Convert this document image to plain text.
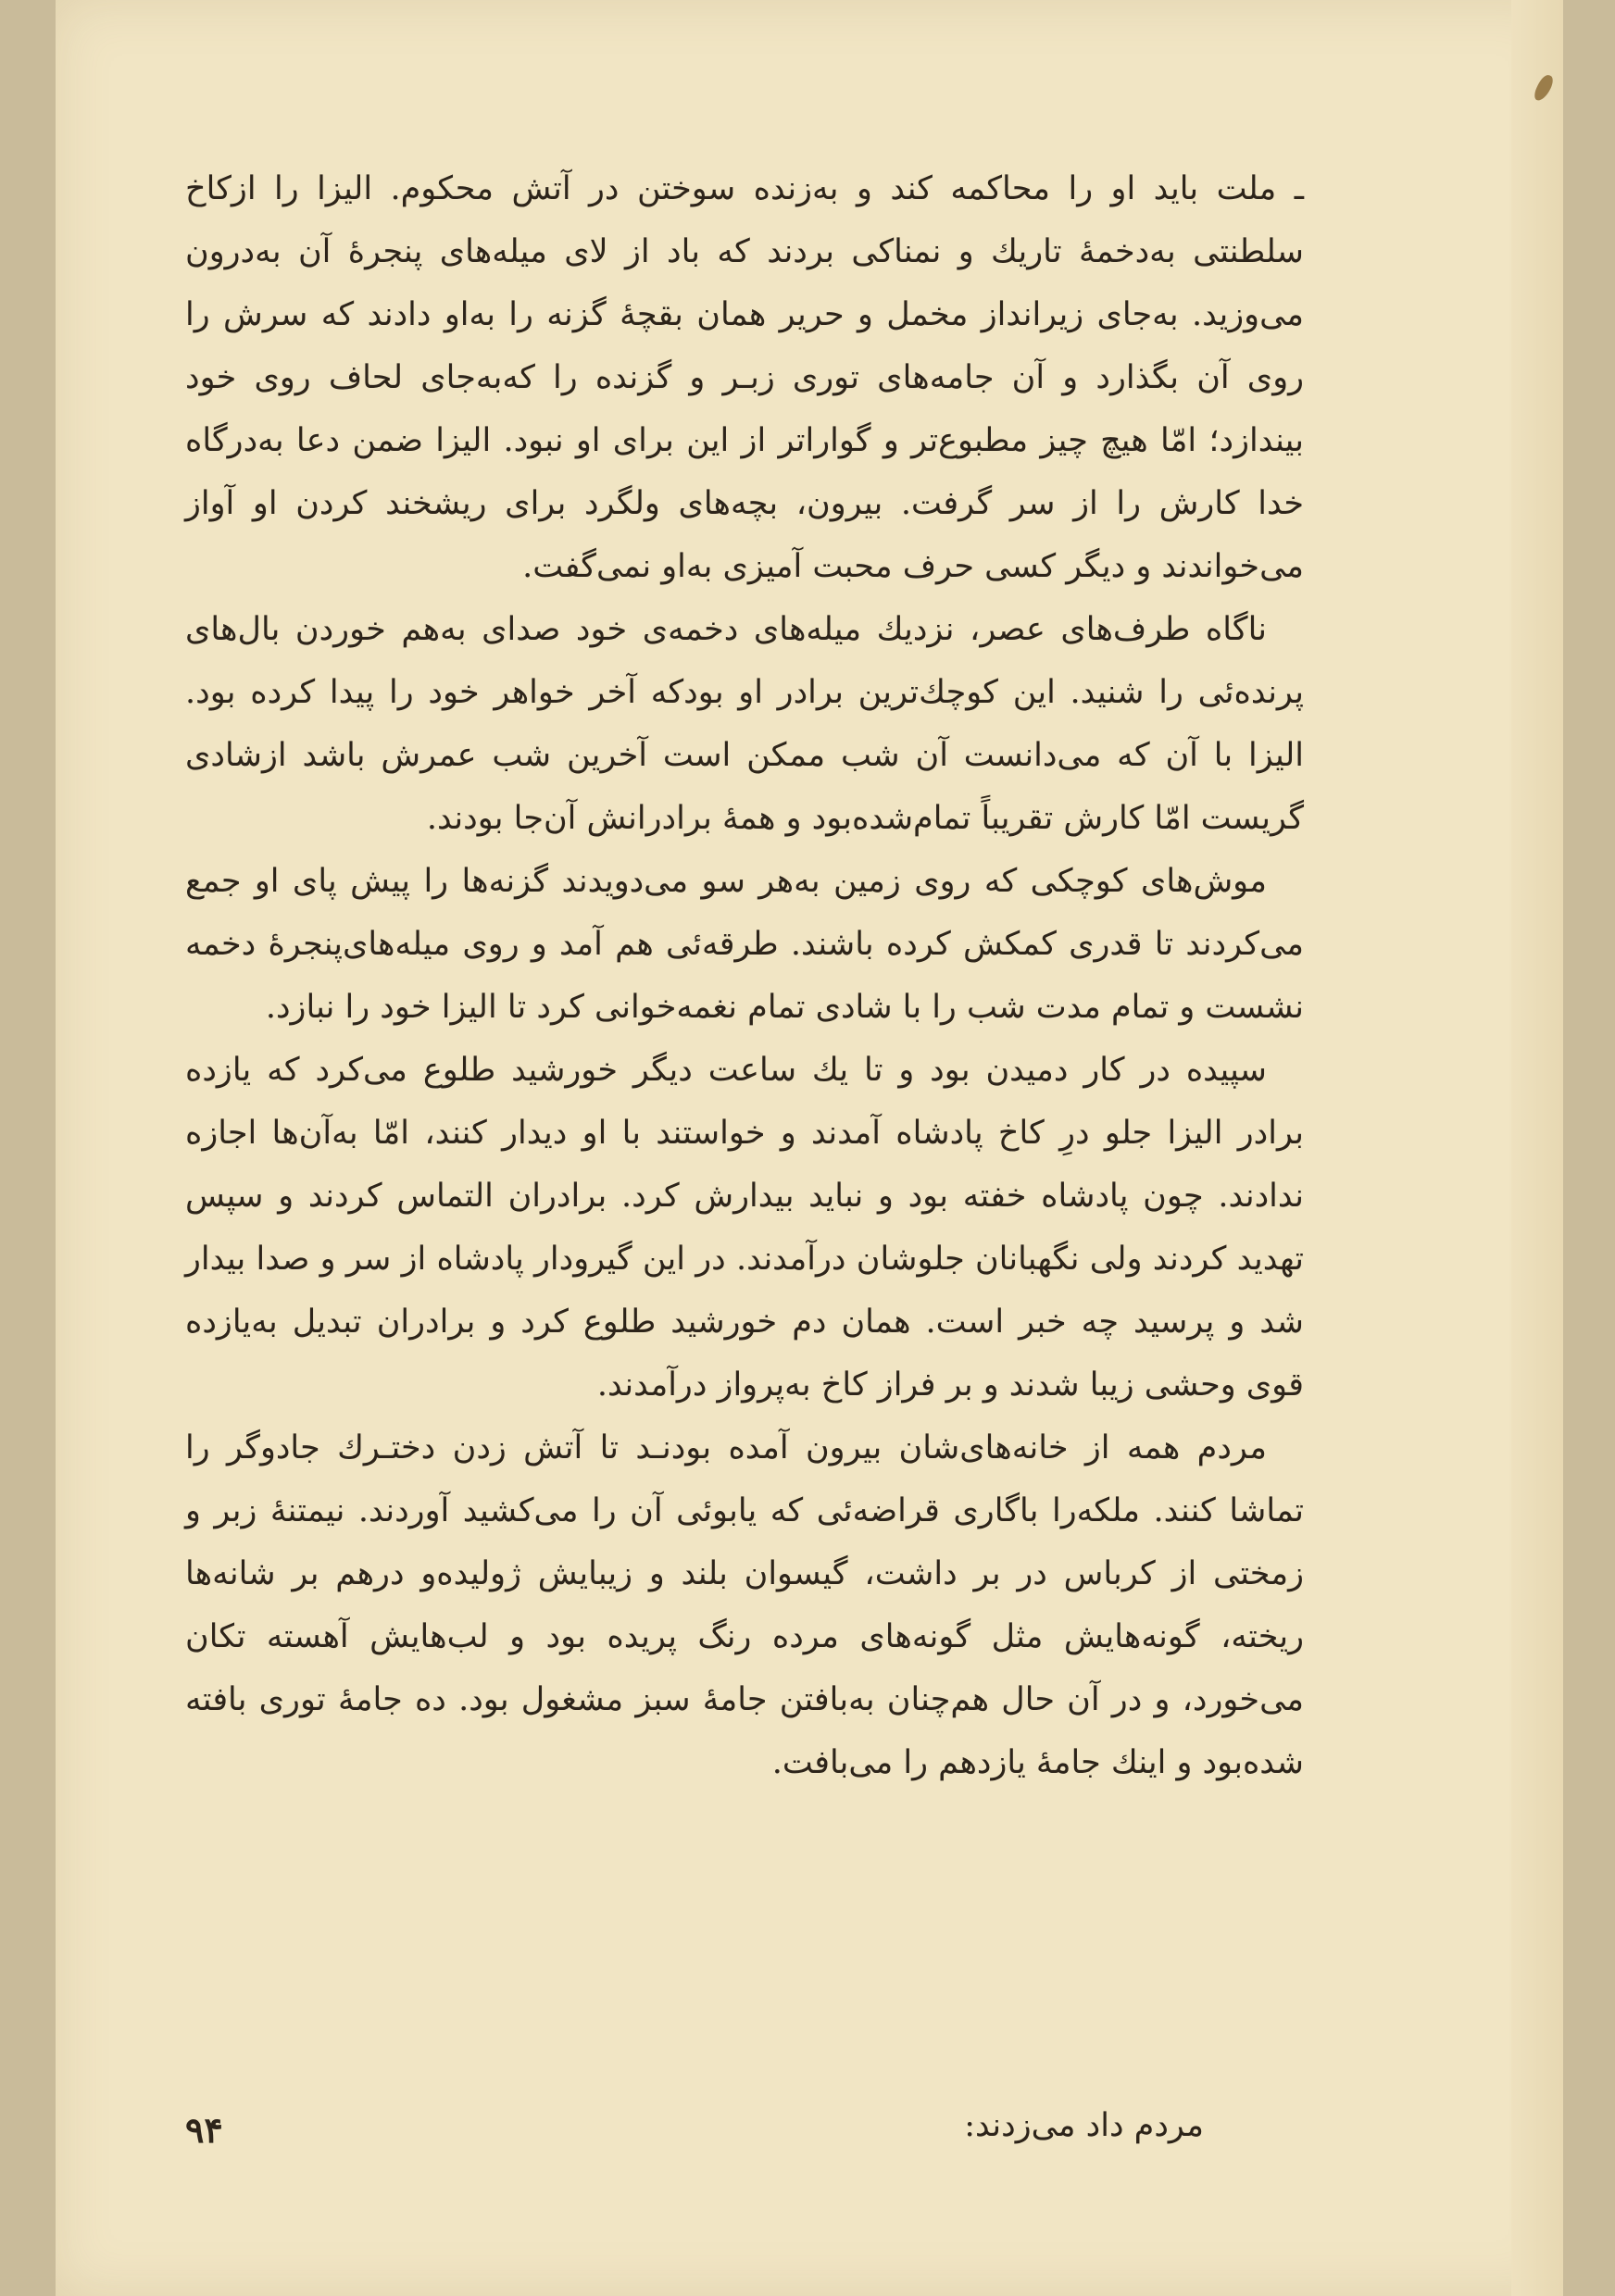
ـ ملت باید او را محاکمه کند و به‌زنده سوختن در آتش محکوم. الیزا را ازکاخ سلطنتی به‌دخمهٔ تاریك و نمناکی بردند که باد از لای میله‌های پنجرهٔ آن به‌درون می‌وزید. به‌جای زیرانداز مخمل و حریر همان بقچهٔ گزنه را به‌او دادند که سرش را روی آن بگذارد و آن جامه‌های توری زبـر و گزنده را که‌به‌جای لحاف روی خود بیندازد؛ امّا هیچ چیز مطبوع‌تر و گواراتر از این برای او نبود. الیزا ضمن دعا به‌درگاه خدا کارش را از سر گرفت. بیرون، بچه‌های ولگرد برای ریشخند کردن او آواز می‌خواندند و دیگر کسی حرف محبت آمیزی به‌او نمی‌گفت.

ناگاه طرف‌های عصر، نزدیك میله‌های دخمه‌ی خود صدای به‌هم خوردن بال‌های پرنده‌ئی را شنید. این کوچك‌ترین برادر او بودکه آخر خواهر خود را پیدا کرده بود. الیزا با آن که می‌دانست آن شب ممکن است آخرین شب عمرش باشد ازشادی گریست امّا کارش تقریباً تمام‌شده‌بود و همهٔ برادرانش آن‌جا بودند.

موش‌های کوچکی که روی زمین به‌هر سو می‌دویدند گزنه‌ها را پیش پای او جمع می‌کردند تا قدری کمکش کرده باشند. طرقه‌ئی هم آمد و روی میله‌های‌پنجرهٔ دخمه نشست و تمام مدت شب را با شادی تمام نغمه‌خوانی کرد تا الیزا خود را نبازد.

سپیده در کار دمیدن بود و تا یك ساعت دیگر خورشید طلوع می‌کرد که یازده برادر الیزا جلو درِ کاخ پادشاه آمدند و خواستند با او دیدار کنند، امّا به‌آن‌ها اجازه ندادند. چون پادشاه خفته بود و نباید بیدارش کرد. برادران التماس کردند و سپس تهدید کردند ولی نگهبانان جلوشان درآمدند. در این گیرودار پادشاه از سر و صدا بیدار شد و پرسید چه خبر است. همان دم خورشید طلوع کرد و برادران تبدیل به‌یازده قوی وحشی زیبا شدند و بر فراز کاخ به‌پرواز درآمدند.

مردم همه از خانه‌های‌شان بیرون آمده بودنـد تا آتش زدن دختـرك جادوگر را تماشا کنند. ملکه‌را باگاری قراضه‌ئی که یابوئی آن را می‌کشید آوردند. نیمتنهٔ زبر و زمختی از کرباس در بر داشت، گیسوان بلند و زیبایش ژولیده‌و درهم بر شانه‌ها ریخته، گونه‌هایش مثل گونه‌های مرده رنگ پریده بود و لب‌هایش آهسته تکان می‌خورد، و در آن حال هم‌چنان به‌بافتن جامهٔ سبز مشغول بود. ده جامهٔ توری بافته شده‌بود و اینك جامهٔ یازدهم را می‌بافت.

مردم داد می‌زدند:
۹۴
